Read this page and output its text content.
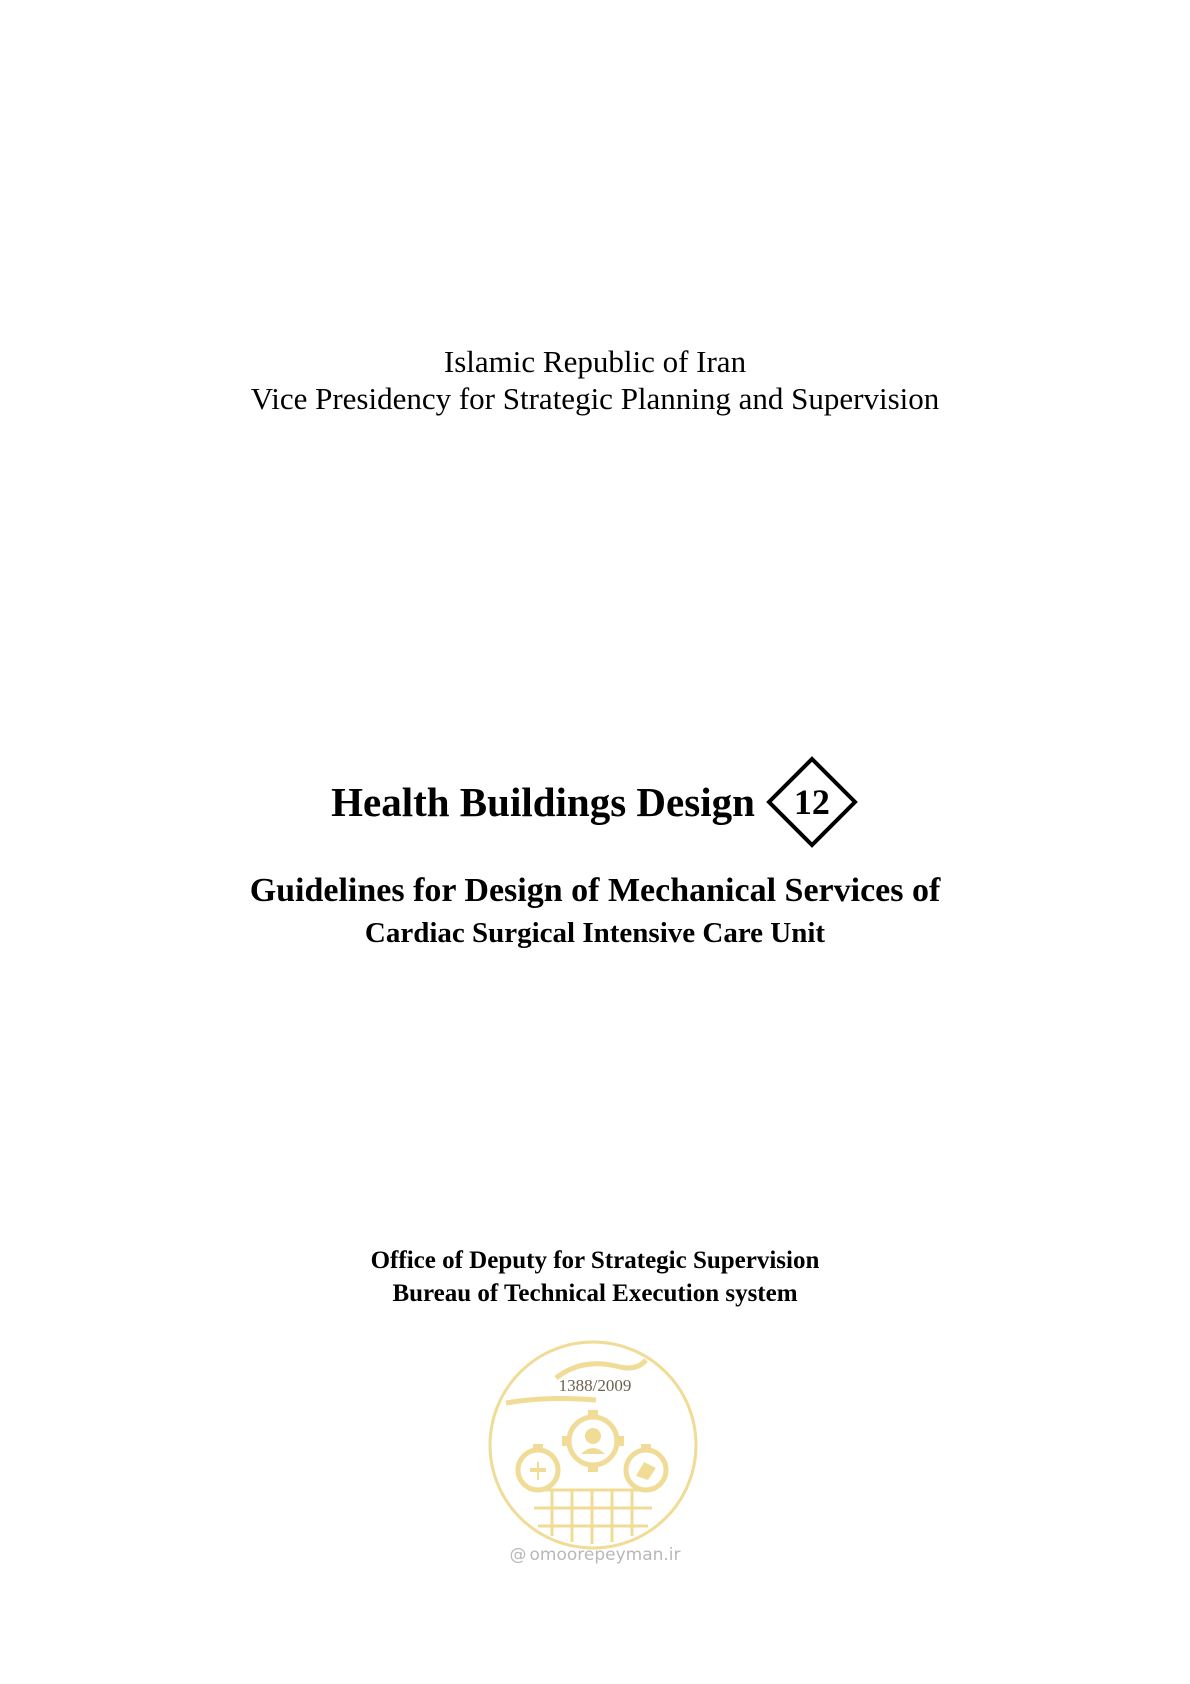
Islamic Republic of Iran
Vice Presidency for Strategic Planning and Supervision
Health Buildings Design	12
Guidelines for Design of Mechanical Services of
Cardiac Surgical Intensive Care Unit
Office of Deputy for Strategic Supervision
Bureau of Technical Execution system
1388/2009
@ omoorepeyman.ir
